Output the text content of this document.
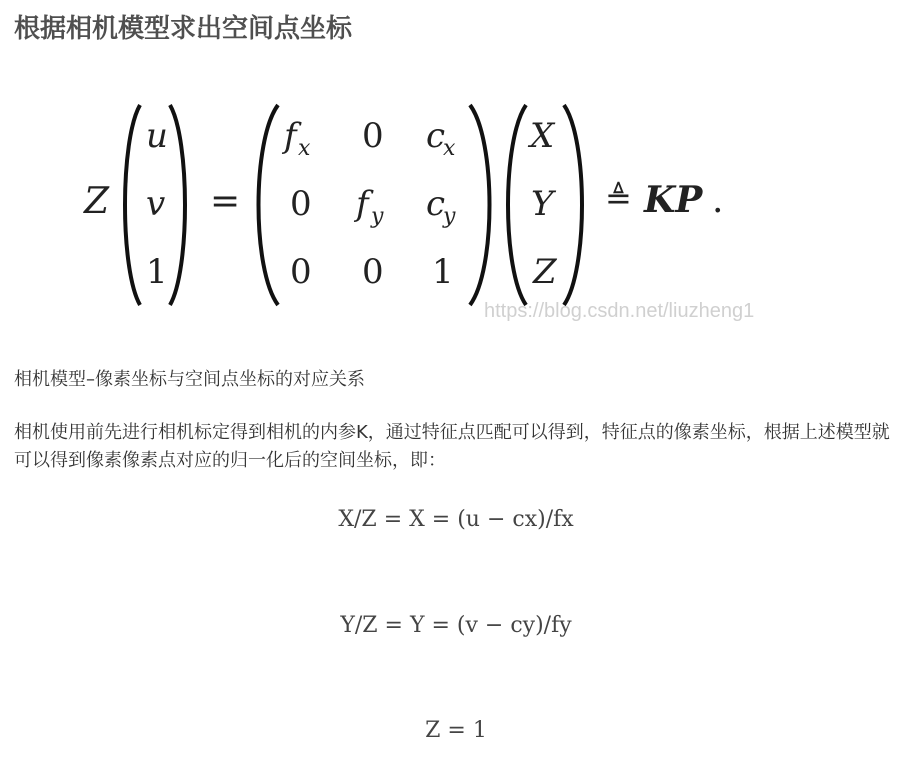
根据相机模型求出空间点坐标
Z
u
v
1
=
f x 0 c
x
0 f y c
y
0 0 1
X
Y
Z
≜ KP .
https://blog.csdn.net/liuzheng1

相机模型–像素坐标与空间点坐标的对应关系

相机使用前先进行相机标定得到相机的内参K，通过特征点匹配可以得到，特征点的像素坐标，根据上述模型就可以得到像素像素点对应的归一化后的空间坐标，即：

X/Z = X = (u − cx)/fx
Y/Z = Y = (v − cy)/fy
Z = 1
